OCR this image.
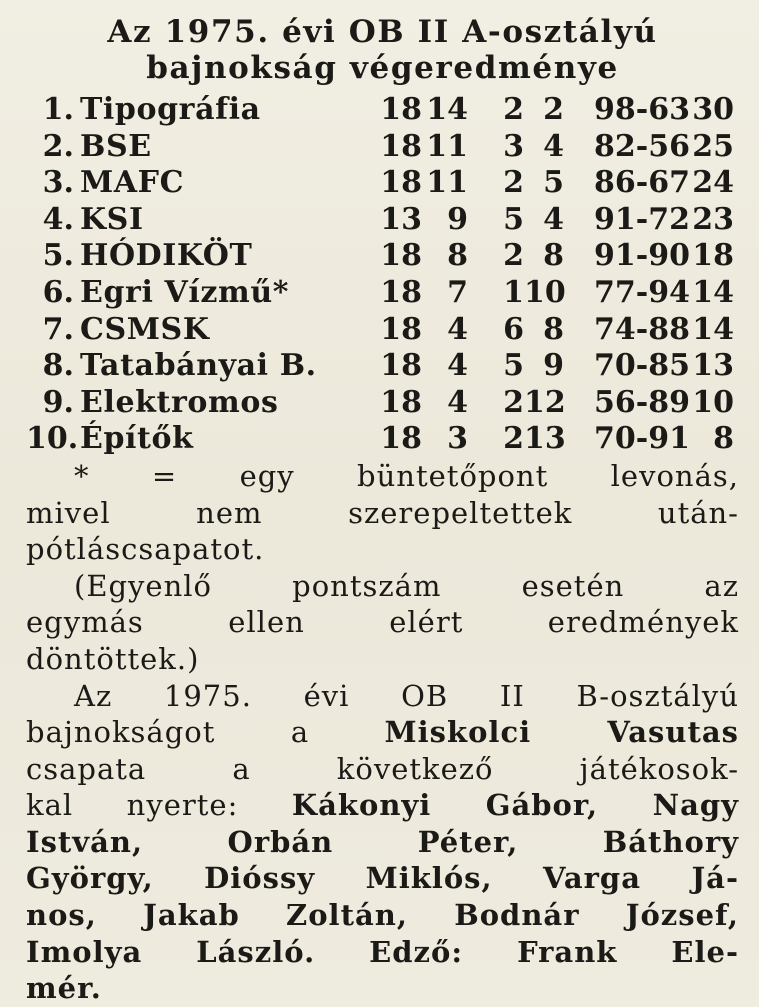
Az 1975. évi OB II A-osztályú
bajnokság végeredménye
1. Tipográfia	18 14	2 2	98-63 30
2. BSE	18 11	3 4	82-56 25
3. MAFC	18 11	2 5	86-67 24
4. KSI	13 9	5 4	91-72 23
5. HÓDIKÖT	18 8	2 8	91-90 18
6. Egri Vízmű*	18 7	1 10 77-94 14
7. CSMSK	18 4	6 8	74-88 14
8. Tatabányai B.	18 4	5 9	70-85 13
9. Elektromos	18 4	2 12 56-89 10
10. Építők	18 3	2 13 70-91 8
* = egy büntetőpont levonás,
mivel nem szerepeltettek után-
pótláscsapatot.
(Egyenlő pontszám esetén az
egymás ellen elért eredmények
döntöttek.)
Az 1975. évi OB II B-osztályú
bajnokságot a Miskolci Vasutas
csapata a következő játékosok-
kal nyerte: Kákonyi Gábor, Nagy
István, Orbán Péter, Báthory
György, Dióssy Miklós, Varga Já-
nos, Jakab Zoltán, Bodnár József,
Imolya László. Edző: Frank Ele-
mér.
